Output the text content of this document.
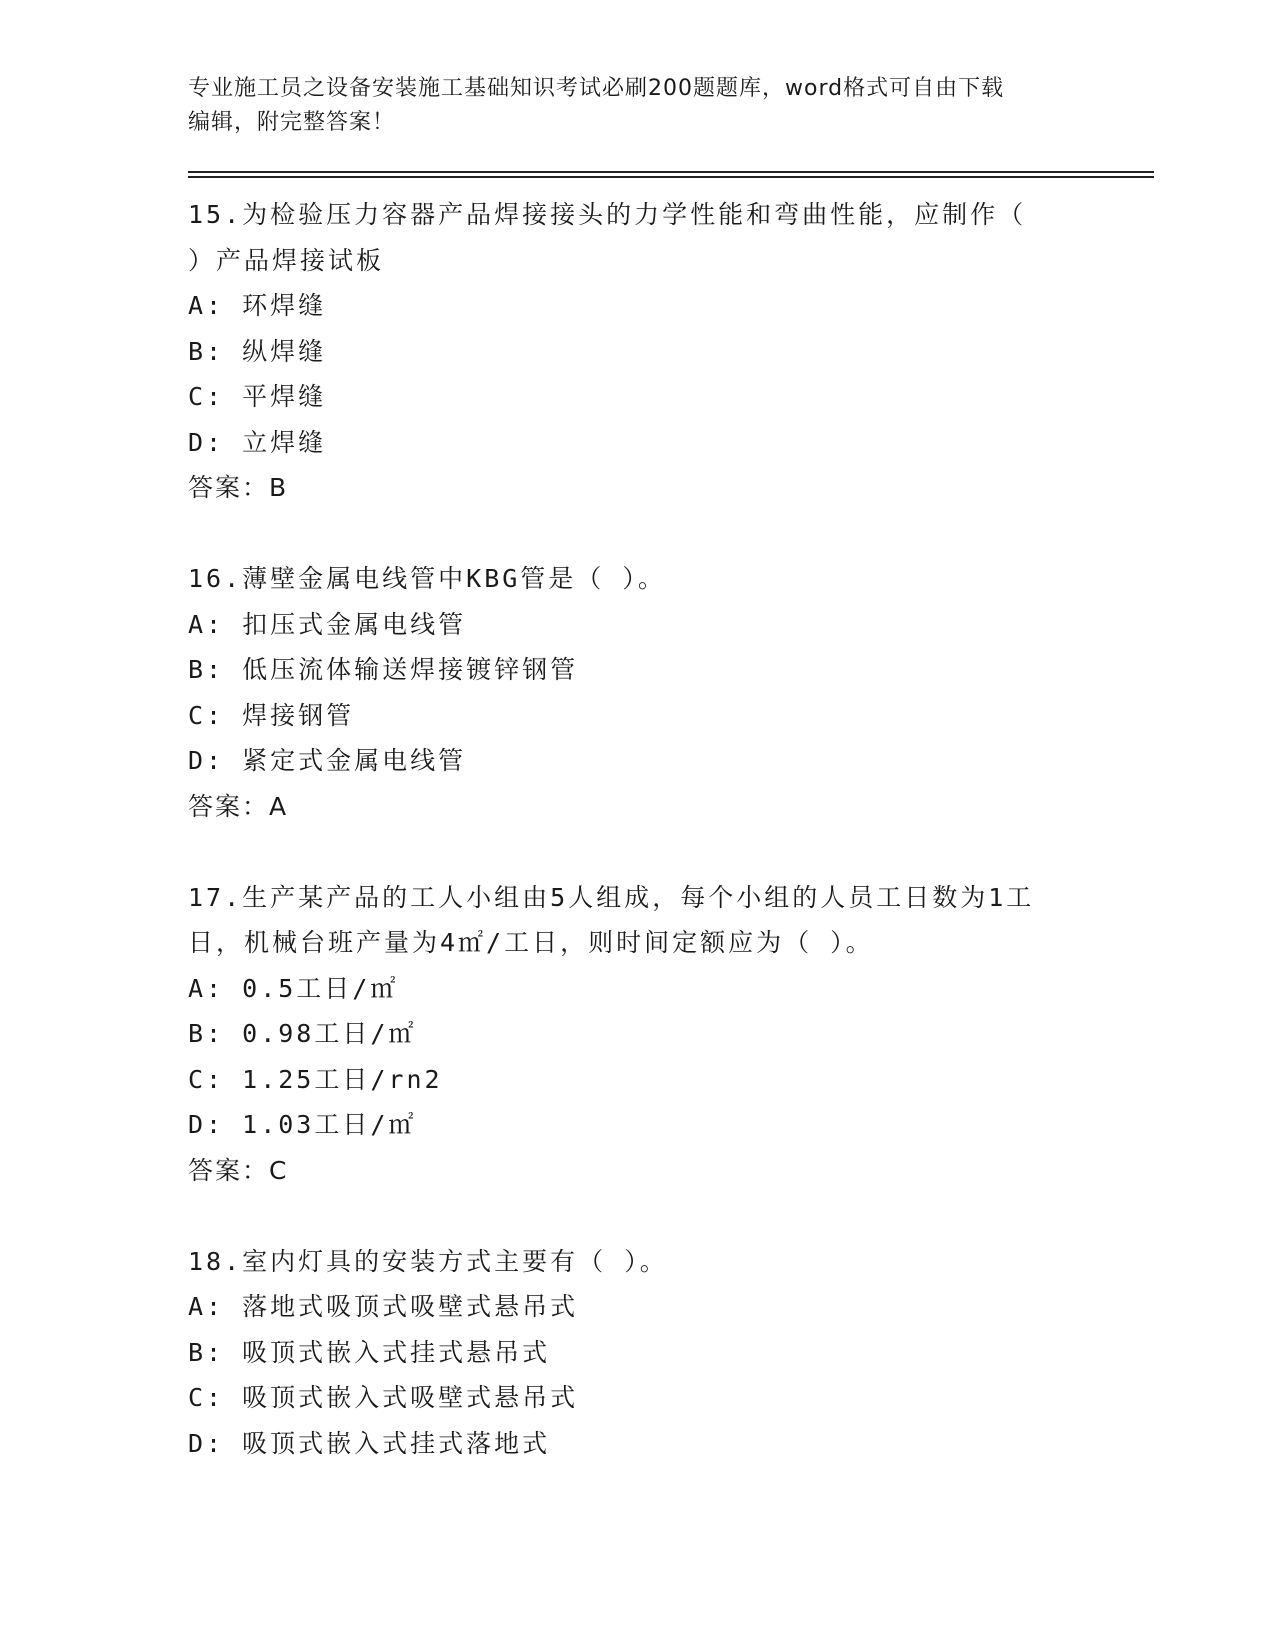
专业施工员之设备安装施工基础知识考试必刷200题题库，word格式可自由下载
编辑，附完整答案！
15.为检验压力容器产品焊接接头的力学性能和弯曲性能，应制作（
）产品焊接试板
A: 环焊缝
B: 纵焊缝
C: 平焊缝
D: 立焊缝
答案：B
16.薄壁金属电线管中KBG管是（ ）。
A: 扣压式金属电线管
B: 低压流体输送焊接镀锌钢管
C: 焊接钢管
D: 紧定式金属电线管
答案：A
17.生产某产品的工人小组由5人组成，每个小组的人员工日数为1工
日，机械台班产量为4㎡/工日，则时间定额应为（ ）。
A: 0.5工日/㎡
B: 0.98工日/㎡
C: 1.25工日/rn2
D: 1.03工日/㎡
答案：C
18.室内灯具的安装方式主要有（ ）。
A: 落地式吸顶式吸壁式悬吊式
B: 吸顶式嵌入式挂式悬吊式
C: 吸顶式嵌入式吸壁式悬吊式
D: 吸顶式嵌入式挂式落地式
